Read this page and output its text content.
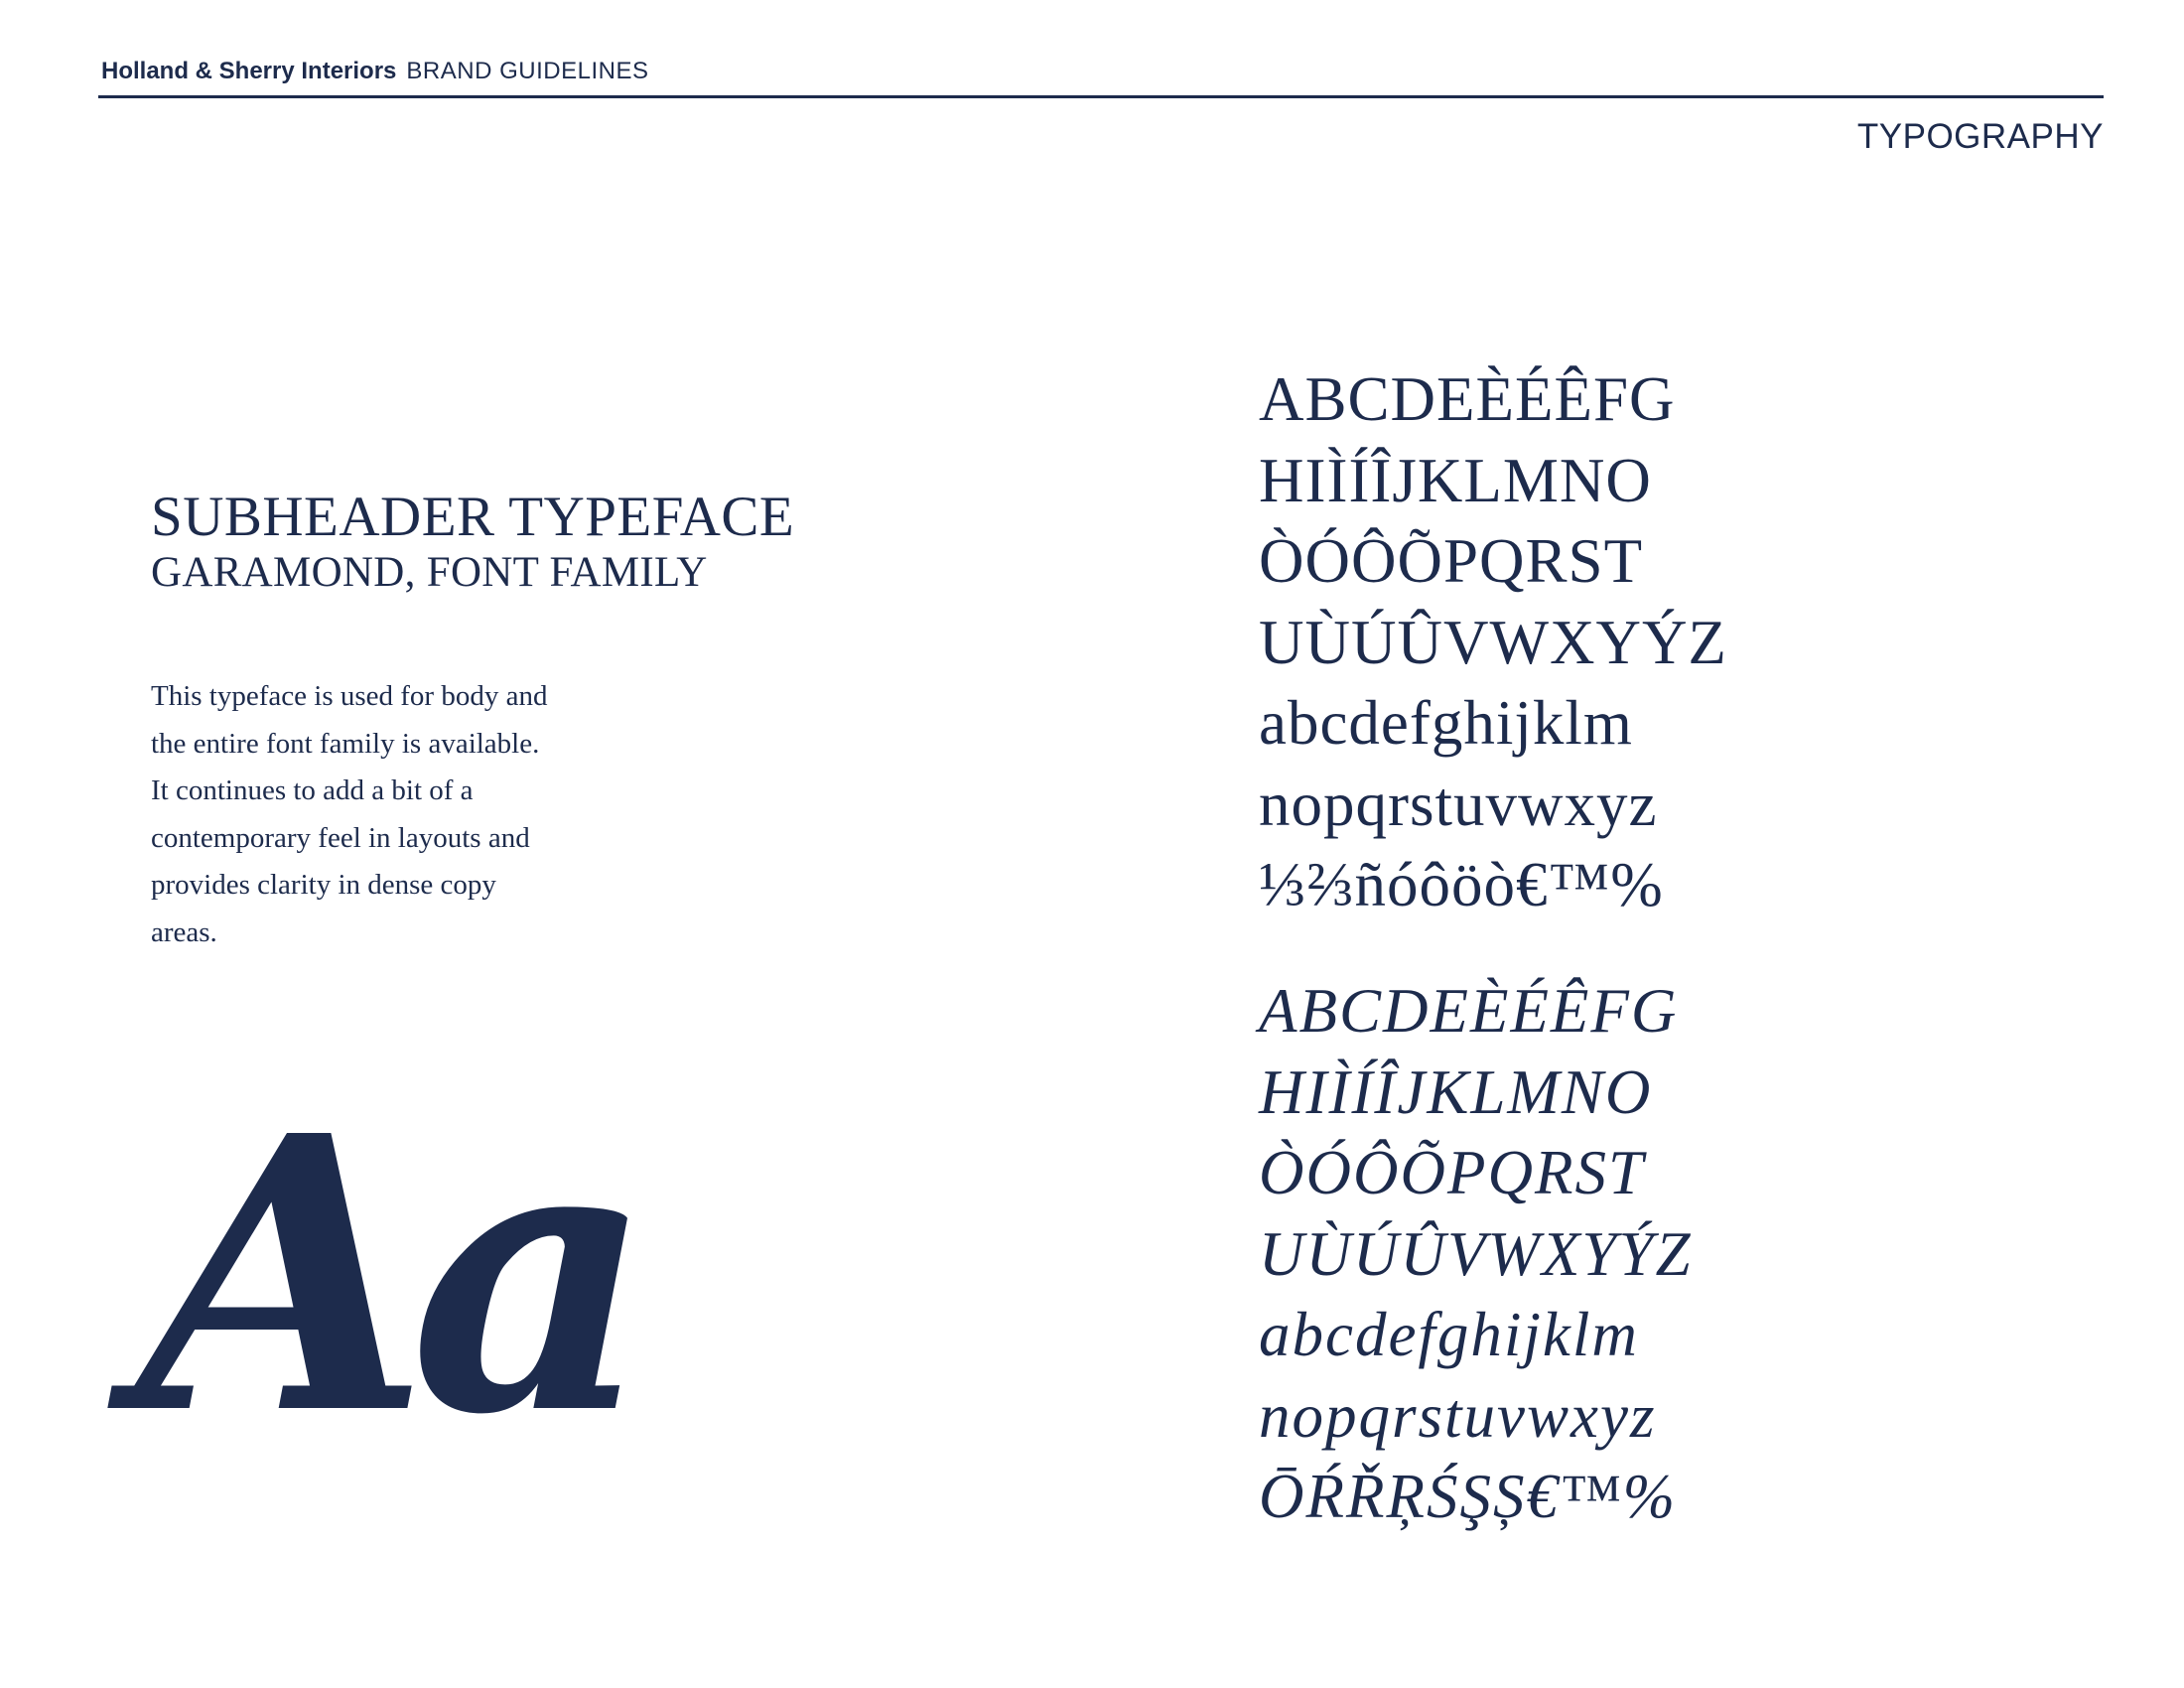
Holland & Sherry Interiors BRAND GUIDELINES
TYPOGRAPHY
SUBHEADER TYPEFACE
GARAMOND, FONT FAMILY
This typeface is used for body and
the entire font family is available.
It continues to add a bit of a
contemporary feel in layouts and
provides clarity in dense copy
areas.
Aa
ABCDEÈÉÊFG
HIÌÍÎJKLMNO
ÒÓÔÕPQRST
UÙÚÛVWXYÝZ
abcdefghijklm
nopqrstuvwxyz
⅓⅔ñóôöò€™%
ABCDEÈÉÊFG
HIÌÍÎJKLMNO
ÒÓÔÕPQRST
UÙÚÛVWXYÝZ
abcdefghijklm
nopqrstuvwxyz
ŌŔŘŖŚŞȘ€™%
